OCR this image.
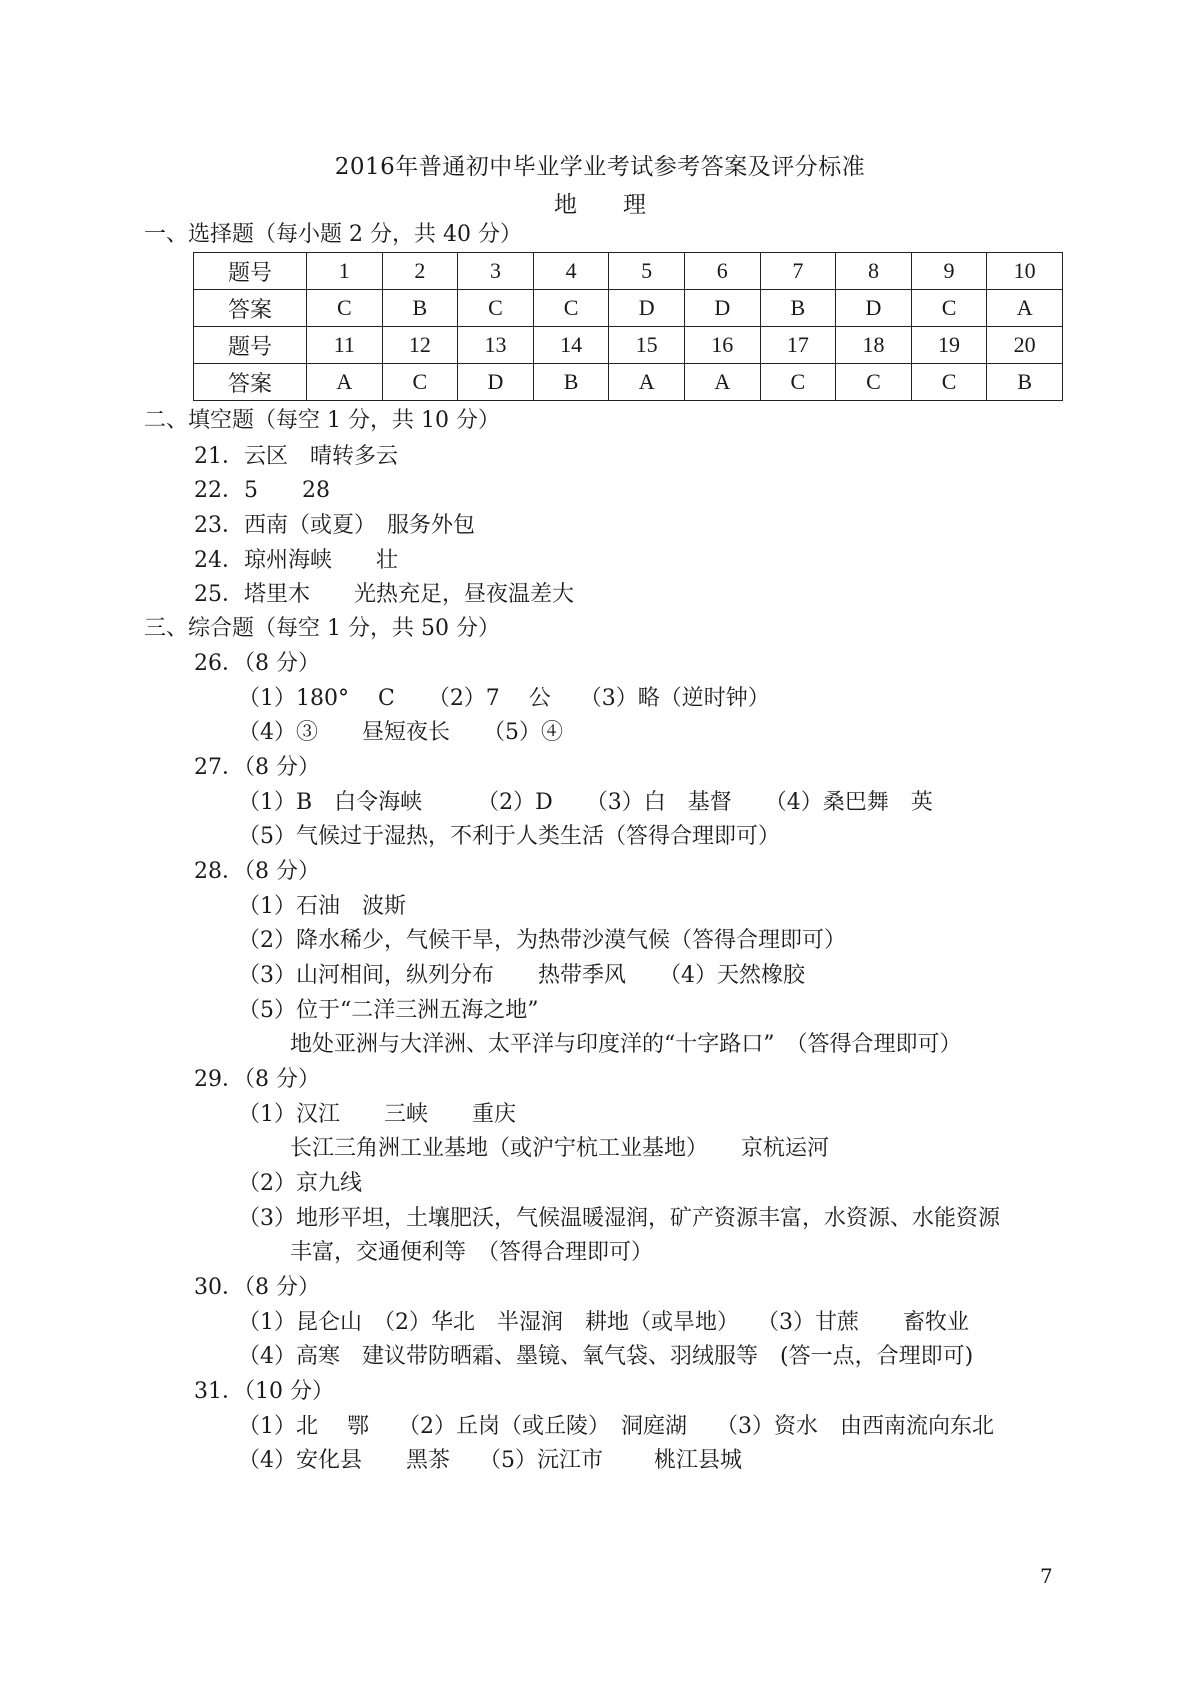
2016年普通初中毕业学业考试参考答案及评分标准
地　　理
一、选择题（每小题 2 分，共 40 分）
题号	1	2	3	4	5	6	7	8	9	10
答案	C	B	C	C	D	D	B	D	C	A
题号	11	12	13	14	15	16	17	18	19	20
答案	A	C	D	B	A	A	C	C	C	B
二、填空题（每空 1 分，共 10 分）
21．云区　晴转多云
22．5　　28
23．西南（或夏）　服务外包
24．琼州海峡　　壮
25．塔里木　　光热充足，昼夜温差大
三、综合题（每空 1 分，共 50 分）
26．（8 分）
（1）180°　 C　　（2）7　 公　 （3）略（逆时钟）
（4）③　　昼短夜长　　（5）④
27．（8 分）
（1）B　白令海峡　　　（2）D　　（3）白　基督　　（4）桑巴舞　英
（5）气候过于湿热，不利于人类生活（答得合理即可）
28．（8 分）
（1）石油　波斯
（2）降水稀少，气候干旱，为热带沙漠气候（答得合理即可）
（3）山河相间，纵列分布　　热带季风　　（4）天然橡胶
（5）位于“二洋三洲五海之地”
地处亚洲与大洋洲、太平洋与印度洋的“十字路口”　（答得合理即可）
29．（8 分）
（1）汉江　　三峡　　重庆
长江三角洲工业基地（或沪宁杭工业基地）　　京杭运河
（2）京九线
（3）地形平坦，土壤肥沃，气候温暖湿润，矿产资源丰富，水资源、水能资源
丰富，交通便利等　（答得合理即可）
30．（8 分）
（1）昆仑山　（2）华北　半湿润　耕地（或旱地）　 （3）甘蔗　　畜牧业
（4）高寒　建议带防晒霜、墨镜、氧气袋、羽绒服等　(答一点，合理即可)
31．（10 分）
（1）北　 鄂　 （2）丘岗（或丘陵）　洞庭湖　 （3）资水　由西南流向东北
（4）安化县　　黑茶　 （5）沅江市　　 桃江县城
7
